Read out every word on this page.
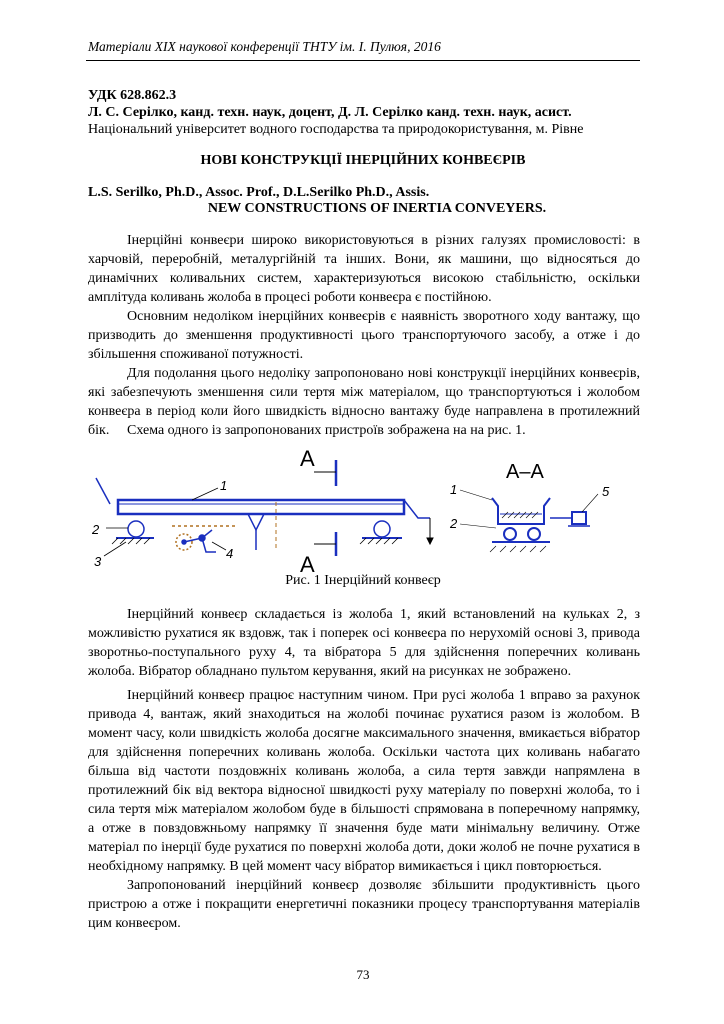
Матеріали XIX наукової конференції ТНТУ ім. І. Пулюя, 2016
УДК 628.862.3
Л. С. Серілко, канд. техн. наук, доцент, Д. Л. Серілко канд. техн. наук, асист.
Національний університет водного господарства та природокористування, м. Рівне
НОВІ КОНСТРУКЦІЇ ІНЕРЦІЙНИХ КОНВЕЄРІВ
L.S. Serilko, Ph.D., Assoc. Prof., D.L.Serilko Ph.D., Assis.
NEW CONSTRUCTIONS OF INERTIA CONVEYERS.

Інерційні конвеєри широко використовуються в різних галузях промисловості: в харчовій, переробній, металургійній та інших. Вони, як машини, що відносяться до динамічних коливальних систем, характеризуються високою стабільністю, оскільки амплітуда коливань жолоба в процесі роботи конвеєра є постійною.

Основним недоліком інерційних конвеєрів є наявність зворотного ходу вантажу, що призводить до зменшення продуктивності цього транспортуючого засобу, а отже і до збільшення споживаної потужності.

Для подолання цього недоліку запропоновано нові конструкції інерційних конвеєрів, які забезпечують зменшення сили тертя між матеріалом, що транспортуються і жолобом конвеєра в період коли його швидкість відносно вантажу буде направлена в протилежний бік.	Схема одного із запропонованих пристроїв зображена на на рис. 1.

A
A
1
2
3
4
А–А
1
2
5
Рис. 1 Інерційний конвеєр

Інерційний конвеєр складається із жолоба 1, який встановлений на кульках 2, з можливістю рухатися як вздовж, так і поперек осі конвеєра по нерухомій основі 3, привода зворотньо-поступального руху 4, та вібратора 5 для здійснення поперечних коливань жолоба. Вібратор обладнано пультом керування, який на рисунках не зображено.

Інерційний конвеєр працює наступним чином. При русі жолоба 1 вправо за рахунок привода 4, вантаж, який знаходиться на жолобі починає рухатися разом із жолобом. В момент часу, коли швидкість жолоба досягне максимального значення, вмикається вібратор для здійснення поперечних коливань жолоба. Оскільки частота цих коливань набагато більша від частоти поздовжніх коливань жолоба, а сила тертя завжди напрямлена в протилежний бік від вектора відносної швидкості руху матеріалу по поверхні жолоба, то і сила тертя між матеріалом жолобом буде в більшості спрямована в поперечному напрямку, а отже в повздовжньому напрямку її значення буде мати мінімальну величину. Отже матеріал по інерції буде рухатися по поверхні жолоба доти, доки жолоб не почне рухатися в необхідному напрямку. В цей момент часу вібратор вимикається і цикл повторюється.

Запропонований інерційний конвеєр дозволяє збільшити продуктивність цього пристрою а отже і покращити енергетичні показники процесу транспортування матеріалів цим конвеєром.

73
